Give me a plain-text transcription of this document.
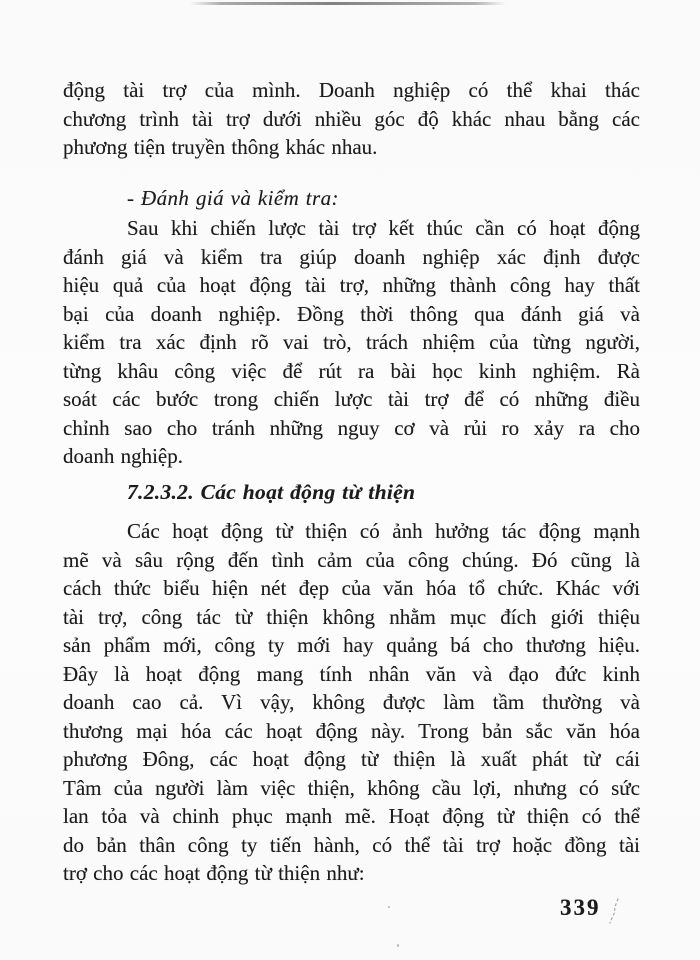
động tài trợ của mình. Doanh nghiệp có thể khai thác
chương trình tài trợ dưới nhiều góc độ khác nhau bằng các
phương tiện truyền thông khác nhau.
- Đánh giá và kiểm tra:
Sau khi chiến lược tài trợ kết thúc cần có hoạt động
đánh giá và kiểm tra giúp doanh nghiệp xác định được
hiệu quả của hoạt động tài trợ, những thành công hay thất
bại của doanh nghiệp. Đồng thời thông qua đánh giá và
kiểm tra xác định rõ vai trò, trách nhiệm của từng người,
từng khâu công việc để rút ra bài học kinh nghiệm. Rà
soát các bước trong chiến lược tài trợ để có những điều
chỉnh sao cho tránh những nguy cơ và rủi ro xảy ra cho
doanh nghiệp.
7.2.3.2. Các hoạt động từ thiện
Các hoạt động từ thiện có ảnh hưởng tác động mạnh
mẽ và sâu rộng đến tình cảm của công chúng. Đó cũng là
cách thức biểu hiện nét đẹp của văn hóa tổ chức. Khác với
tài trợ, công tác từ thiện không nhằm mục đích giới thiệu
sản phẩm mới, công ty mới hay quảng bá cho thương hiệu.
Đây là hoạt động mang tính nhân văn và đạo đức kinh
doanh cao cả. Vì vậy, không được làm tầm thường và
thương mại hóa các hoạt động này. Trong bản sắc văn hóa
phương Đông, các hoạt động từ thiện là xuất phát từ cái
Tâm của người làm việc thiện, không cầu lợi, nhưng có sức
lan tỏa và chinh phục mạnh mẽ. Hoạt động từ thiện có thể
do bản thân công ty tiến hành, có thể tài trợ hoặc đồng tài
trợ cho các hoạt động từ thiện như:
339
